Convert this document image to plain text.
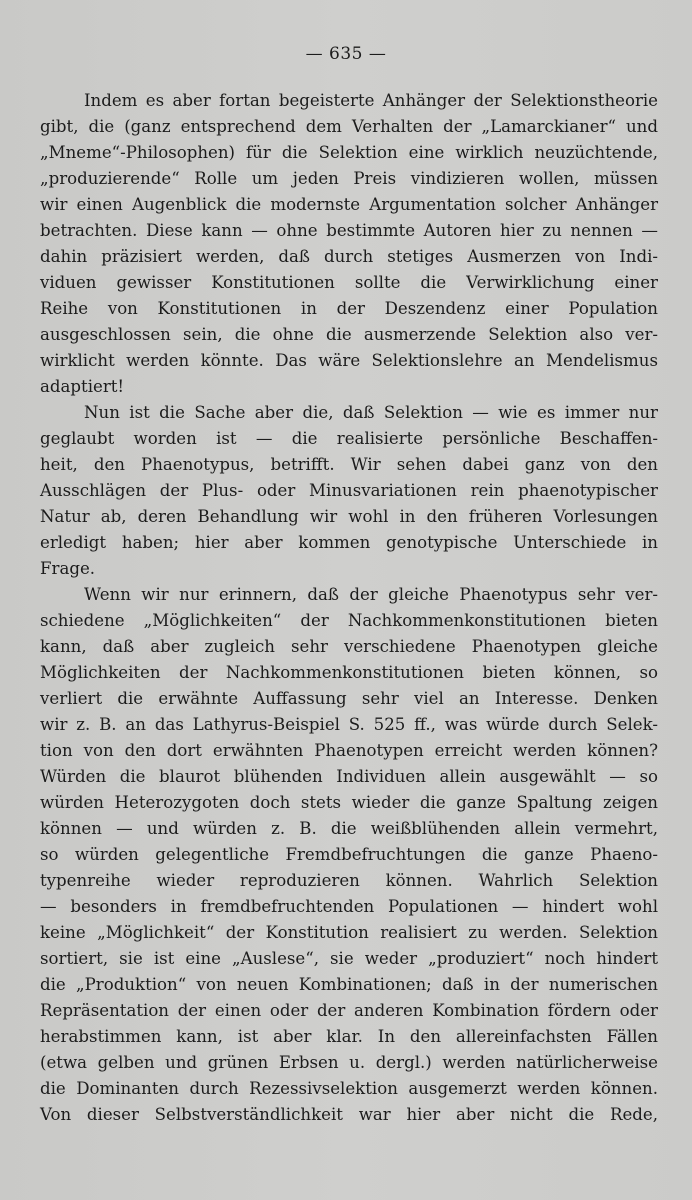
— 635 —
Indem es aber fortan begeisterte Anhänger der Selektionstheorie
gibt, die (ganz entsprechend dem Verhalten der „Lamarckianer“ und
„Mneme“-Philosophen) für die Selektion eine wirklich neuzüchtende,
„produzierende“ Rolle um jeden Preis vindizieren wollen, müssen
wir einen Augenblick die modernste Argumentation solcher Anhänger
betrachten. Diese kann — ohne bestimmte Autoren hier zu nennen —
dahin präzisiert werden, daß durch stetiges Ausmerzen von Indi-
viduen gewisser Konstitutionen sollte die Verwirklichung einer
Reihe von Konstitutionen in der Deszendenz einer Population
ausgeschlossen sein, die ohne die ausmerzende Selektion also ver-
wirklicht werden könnte. Das wäre Selektionslehre an Mendelismus
adaptiert!
Nun ist die Sache aber die, daß Selektion — wie es immer nur
geglaubt worden ist — die realisierte persönliche Beschaffen-
heit, den Phaenotypus, betrifft. Wir sehen dabei ganz von den
Ausschlägen der Plus- oder Minusvariationen rein phaenotypischer
Natur ab, deren Behandlung wir wohl in den früheren Vorlesungen
erledigt haben; hier aber kommen genotypische Unterschiede in
Frage.
Wenn wir nur erinnern, daß der gleiche Phaenotypus sehr ver-
schiedene „Möglichkeiten“ der Nachkommenkonstitutionen bieten
kann, daß aber zugleich sehr verschiedene Phaenotypen gleiche
Möglichkeiten der Nachkommenkonstitutionen bieten können, so
verliert die erwähnte Auffassung sehr viel an Interesse. Denken
wir z. B. an das Lathyrus-Beispiel S. 525 ff., was würde durch Selek-
tion von den dort erwähnten Phaenotypen erreicht werden können?
Würden die blaurot blühenden Individuen allein ausgewählt — so
würden Heterozygoten doch stets wieder die ganze Spaltung zeigen
können — und würden z. B. die weißblühenden allein vermehrt,
so würden gelegentliche Fremdbefruchtungen die ganze Phaeno-
typenreihe wieder reproduzieren können. Wahrlich Selektion
— besonders in fremdbefruchtenden Populationen — hindert wohl
keine „Möglichkeit“ der Konstitution realisiert zu werden. Selektion
sortiert, sie ist eine „Auslese“, sie weder „produziert“ noch hindert
die „Produktion“ von neuen Kombinationen; daß in der numerischen
Repräsentation der einen oder der anderen Kombination fördern oder
herabstimmen kann, ist aber klar. In den allereinfachsten Fällen
(etwa gelben und grünen Erbsen u. dergl.) werden natürlicherweise
die Dominanten durch Rezessivselektion ausgemerzt werden können.
Von dieser Selbstverständlichkeit war hier aber nicht die Rede,
